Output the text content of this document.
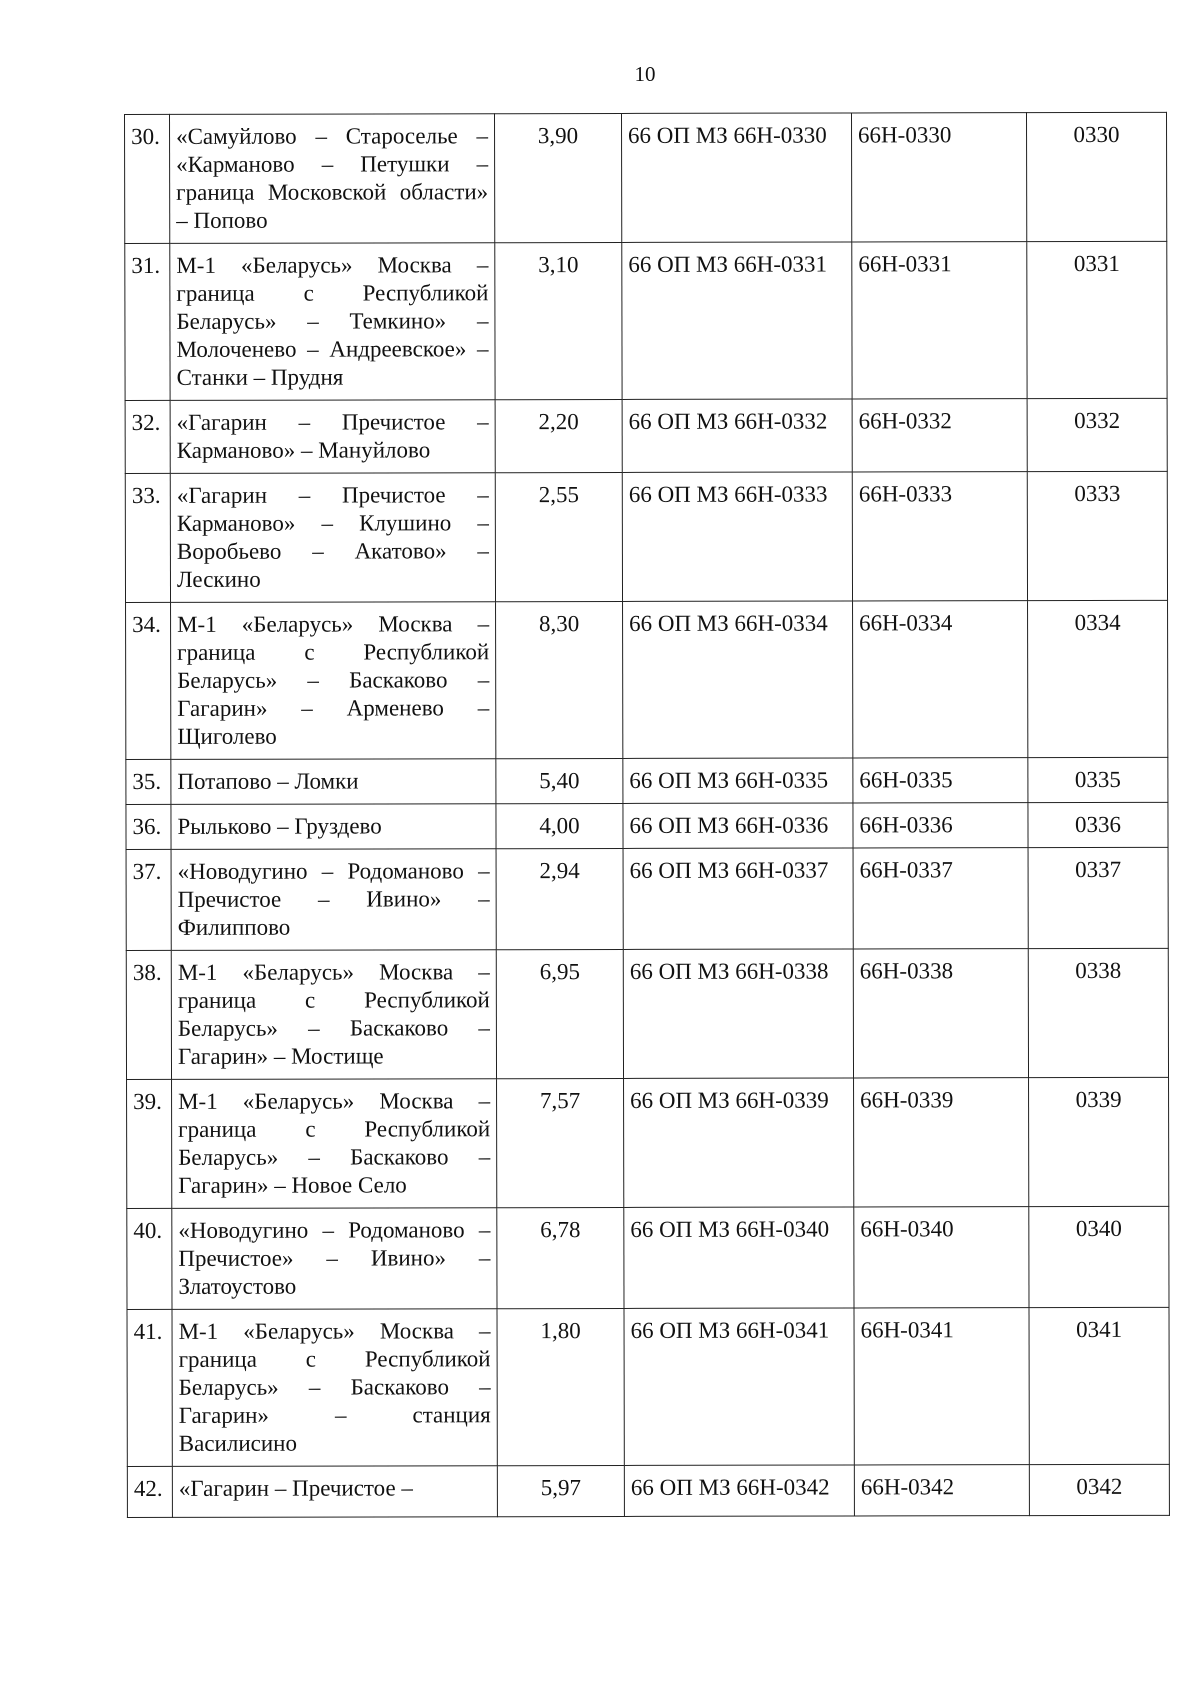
10
30.	«Самуйлово – Староселье – «Карманово – Петушки – граница Московской области» – Попово	3,90	66 ОП МЗ 66Н-0330	66Н-0330	0330
31.	М-1 «Беларусь» Москва – граница с Республикой Беларусь» – Темкино» – Молоченево – Андреевское» – Станки – Прудня	3,10	66 ОП МЗ 66Н-0331	66Н-0331	0331
32.	«Гагарин – Пречистое – Карманово» – Мануйлово	2,20	66 ОП МЗ 66Н-0332	66Н-0332	0332
33.	«Гагарин – Пречистое – Карманово» – Клушино – Воробьево – Акатово» – Лескино	2,55	66 ОП МЗ 66Н-0333	66Н-0333	0333
34.	М-1 «Беларусь» Москва – граница с Республикой Беларусь» – Баскаково – Гагарин» – Арменево – Щиголево	8,30	66 ОП МЗ 66Н-0334	66Н-0334	0334
35.	Потапово – Ломки	5,40	66 ОП МЗ 66Н-0335	66Н-0335	0335
36.	Рыльково – Груздево	4,00	66 ОП МЗ 66Н-0336	66Н-0336	0336
37.	«Новодугино – Родоманово – Пречистое – Ивино» – Филиппово	2,94	66 ОП МЗ 66Н-0337	66Н-0337	0337
38.	М-1 «Беларусь» Москва – граница с Республикой Беларусь» – Баскаково – Гагарин» – Мостище	6,95	66 ОП МЗ 66Н-0338	66Н-0338	0338
39.	М-1 «Беларусь» Москва – граница с Республикой Беларусь» – Баскаково – Гагарин» – Новое Село	7,57	66 ОП МЗ 66Н-0339	66Н-0339	0339
40.	«Новодугино – Родоманово – Пречистое» – Ивино» – Златоустово	6,78	66 ОП МЗ 66Н-0340	66Н-0340	0340
41.	М-1 «Беларусь» Москва – граница с Республикой Беларусь» – Баскаково – Гагарин» – станция Василисино	1,80	66 ОП МЗ 66Н-0341	66Н-0341	0341
42.	«Гагарин – Пречистое –	5,97	66 ОП МЗ 66Н-0342	66Н-0342	0342
